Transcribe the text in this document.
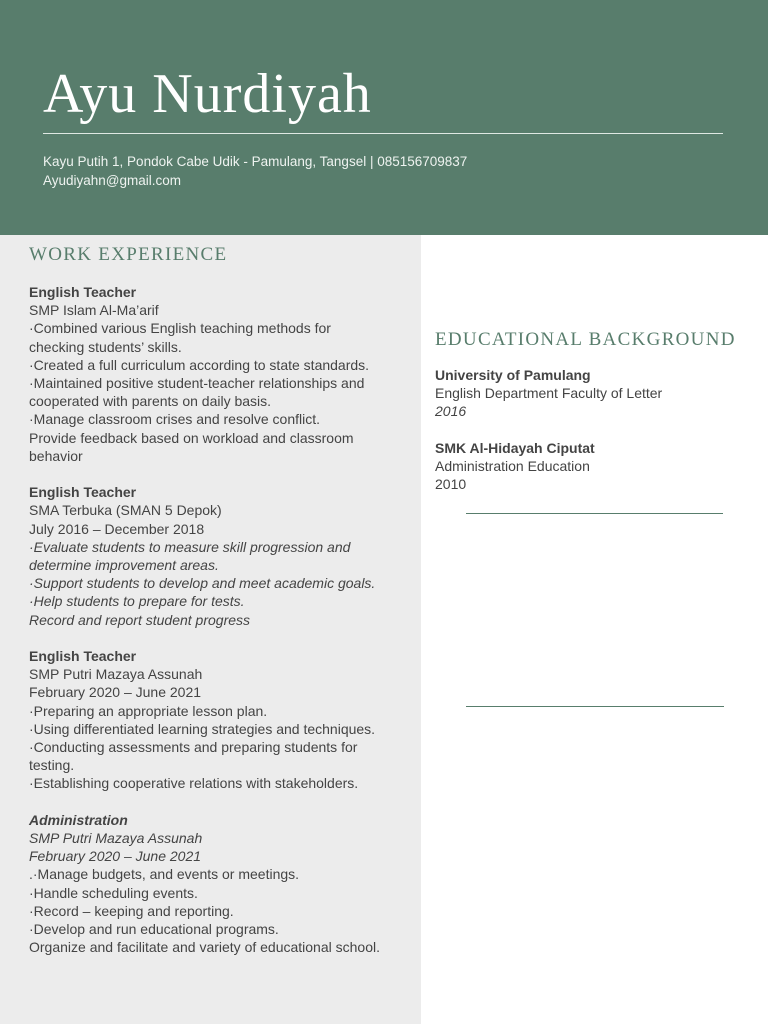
Ayu Nurdiyah
Kayu Putih 1, Pondok Cabe Udik - Pamulang, Tangsel | 085156709837
Ayudiyahn@gmail.com
WORK EXPERIENCE
English Teacher
SMP Islam Al-Ma’arif
·Combined various English teaching methods for checking students’ skills.
·Created a full curriculum according to state standards.
·Maintained positive student-teacher relationships and cooperated with parents on daily basis.
·Manage classroom crises and resolve conflict.
Provide feedback based on workload and classroom behavior
English Teacher
SMA Terbuka (SMAN 5 Depok)
July 2016 – December 2018
·Evaluate students to measure skill progression and determine improvement areas.
·Support students to develop and meet academic goals.
·Help students to prepare for tests.
Record and report student progress
English Teacher
SMP Putri Mazaya Assunah
February 2020 – June 2021
·Preparing an appropriate lesson plan.
·Using differentiated learning strategies and techniques.
·Conducting assessments and preparing students for testing.
·Establishing cooperative relations with stakeholders.
Administration
SMP Putri Mazaya Assunah
February 2020 – June 2021
.·Manage budgets, and events or meetings.
·Handle scheduling events.
·Record – keeping and reporting.
·Develop and run educational programs.
Organize and facilitate and variety of educational school.
EDUCATIONAL BACKGROUND
University of Pamulang
English Department Faculty of Letter
2016
SMK Al-Hidayah Ciputat
Administration Education
2010
